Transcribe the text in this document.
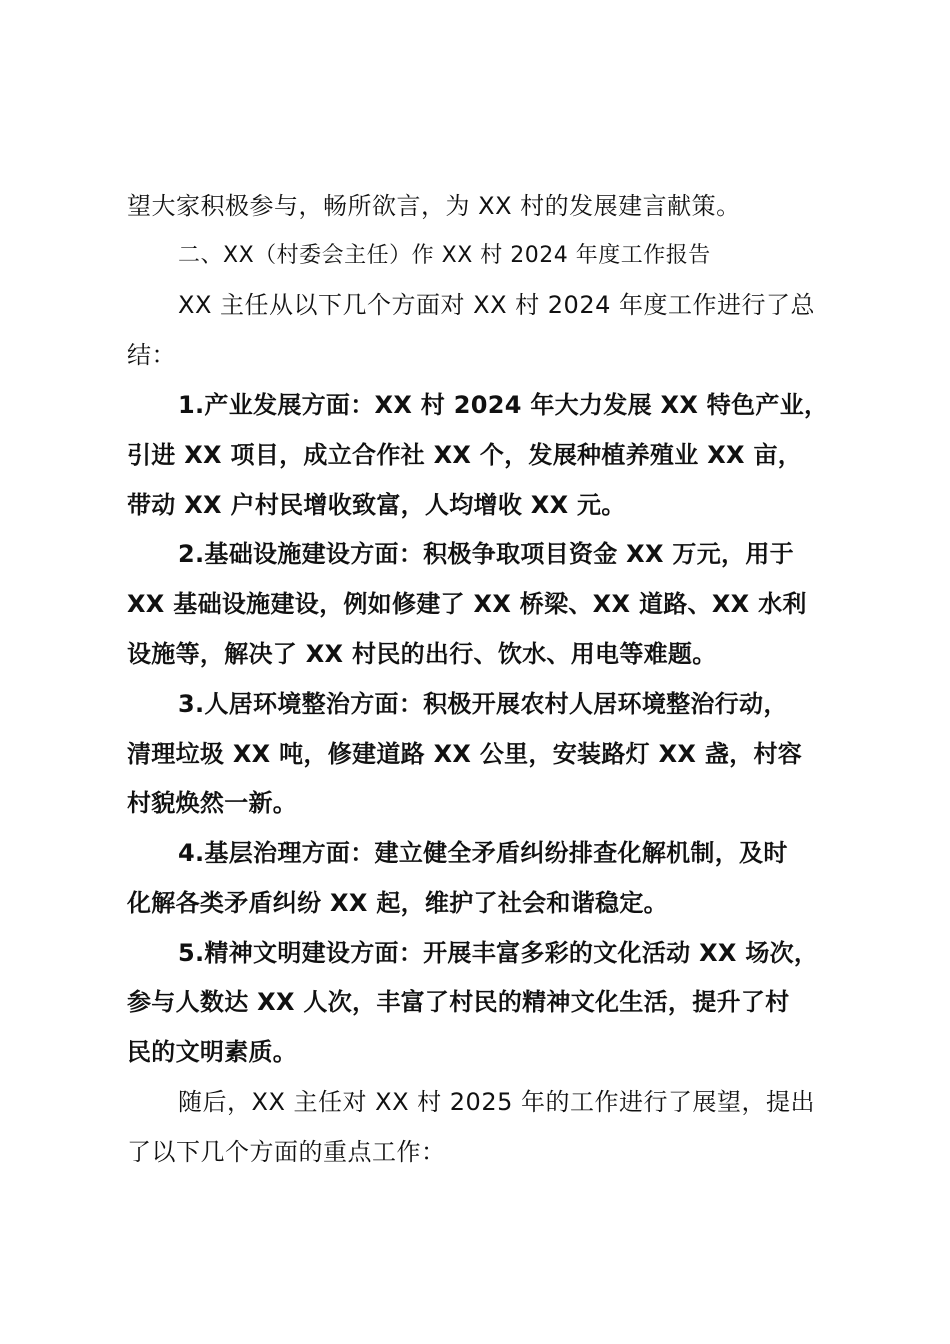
望大家积极参与，畅所欲言，为 XX 村的发展建言献策。
二、XX（村委会主任）作 XX 村 2024 年度工作报告
XX 主任从以下几个方面对 XX 村 2024 年度工作进行了总
结：
1.产业发展方面：XX 村 2024 年大力发展 XX 特色产业，
引进 XX 项目，成立合作社 XX 个，发展种植养殖业 XX 亩，
带动 XX 户村民增收致富，人均增收 XX 元。
2.基础设施建设方面：积极争取项目资金 XX 万元，用于
XX 基础设施建设，例如修建了 XX 桥梁、XX 道路、XX 水利
设施等，解决了 XX 村民的出行、饮水、用电等难题。
3.人居环境整治方面：积极开展农村人居环境整治行动，
清理垃圾 XX 吨，修建道路 XX 公里，安装路灯 XX 盏，村容
村貌焕然一新。
4.基层治理方面：建立健全矛盾纠纷排查化解机制，及时
化解各类矛盾纠纷 XX 起，维护了社会和谐稳定。
5.精神文明建设方面：开展丰富多彩的文化活动 XX 场次，
参与人数达 XX 人次，丰富了村民的精神文化生活，提升了村
民的文明素质。
随后，XX 主任对 XX 村 2025 年的工作进行了展望，提出
了以下几个方面的重点工作：
